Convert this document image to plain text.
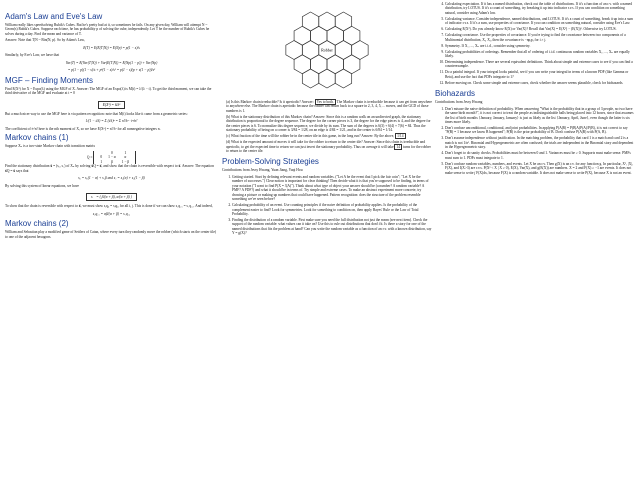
Adam's Law and Eve's Law

William really likes speedsolving Rubik's Cubes. But he's pretty bad at it, so sometimes he fails. On any given day, William will attempt N ~ Geom(s) Rubik's Cubes. Suppose each time, he has probability p of solving the cube, independently. Let T be the number of Rubik's Cubes he solves during a day. Find the mean and variance of T.

Answer: Note that T|N ~ Bin(N, p). So by Adam's Law,

E(T) = E(E(T|N)) = E(Np) = p(1 − s)/s

Similarly, by Eve's Law, we have that

Var(T) = E(Var(T|N)) + Var(E(T|N)) = E(Np(1 − p)) + Var(Np)
= p(1 − p)(1 − s)/s + p²(1 − s)/s² = p(1 − s)(p + s(1 − p))/s²
MGF – Finding Moments

Find E(X³) for X ~ Expo(λ) using the MGF of X. Answer: The MGF of an Expo(λ) is M(t) = λ/(λ − t). To get the third moment, we can take the third derivative of the MGF and evaluate at t = 0

E(X³) = 6/λ³

But a much nicer way to use the MGF here is via pattern recognition: note that M(t) looks like it came from a geometric series:

1/(1 − t/λ) = Σ (t/λ)ⁿ = Σ n!/λⁿ · tⁿ/n!

The coefficient of tⁿ/n! here is the nth moment of X, so we have E(Xⁿ) = n!/λⁿ for all nonnegative integers n.

Markov chains (1)

Suppose Xₙ is a two-state Markov chain with transition matrix

Q =	0	1
0	1 − α	α
1	β	1 − β

Find the stationary distribution s⃗ = (s₀, s₁) of Xₙ by solving s⃗Q = s⃗, and show that the chain is reversible with respect to s⃗. Answer: The equation s⃗Q = s⃗ says that

s₀ = s₀(1 − α) + s₁β and s₁ = s₀(α) + s₀(1 − β)

By solving this system of linear equations, we have

s⃗ = ( β/(α + β), α/(α + β) )

To show that the chain is reversible with respect to s⃗, we must show sᵢqᵢⱼ = sⱼqⱼᵢ for all i, j. This is done if we can show s₀q₀₁ = s₁q₁₀. And indeed,

s₀q₀₁ = αβ/(α + β) = s₁q₁₀
Markov chains (2)

William and Sebastian play a modified game of Settlers of Catan, where every turn they randomly move the robber (which starts on the center tile) to one of the adjacent hexagons.

Robber
(a) Is this Markov chain irreducible? Is it aperiodic? Answer: Yes to both. The Markov chain is irreducible because it can get from anywhere to anywhere else. The Markov chain is aperiodic because the robber can return back to a square in 2, 3, 4, 5, ... moves, and the GCD of those numbers is 1.
(b) What is the stationary distribution of this Markov chain? Answer: Since this is a random walk on an undirected graph, the stationary distribution is proportional to the degree sequence. The degree for the corner pieces is 3, the degree for the edge pieces is 4, and the degree for the center pieces is 6. To normalize this degree sequence, we divide by its sum. The sum of the degrees is 6(3) + 6(4) + 7(6) = 84. Thus the stationary probability of being on a corner is 3/84 = 1/28, on an edge is 4/84 = 1/21, and in the center is 6/84 = 1/14.
(c) What fraction of the time will the robber be in the center tile in this game, in the long run? Answer: By the above, 1/14
(d) What is the expected amount of moves it will take for the robber to return to the center tile? Answer: Since this chain is irreducible and aperiodic, to get the expected time to return we can just invert the stationary probability. Thus on average it will take 14 turns for the robber to return to the center tile.
Problem-Solving Strategies

Contributions from Jessy Hwang, Yuan Jiang, Yuqi Hou

1. Getting started. Start by defining relevant events and random variables. ("Let A be the event that I pick the fair coin"; "Let X be the number of successes.") Clear notion is important for clear thinking! Then decide what it is that you're supposed to be finding, in terms of your notation ("I want to find P(X = 3|A)"). Think about what type of object your answer should be (a number? A random variable? A PMF? A PDF?) and what it should be in terms of. Try simple and extreme cases. To make an abstract experiment more concrete, try drawing a picture or making up numbers that could have happened. Pattern recognition: does the structure of the problem resemble something we've seen before?
2. Calculating probability of an event. Use counting principles if the naive definition of probability applies. Is the probability of the complement easier to find? Look for symmetries. Look for something to condition on, then apply Bayes' Rule or the Law of Total Probability.
3. Finding the distribution of a random variable. First make sure you need the full distribution not just the mean (see next item). Check the support of the random variable: what values can it take on? Use this to rule out distributions that don't fit. Is there a story for one of the named distributions that fits the problem at hand? Can you write the random variable as a function of an r.v. with a known distribution, say Y = g(X)?
4. Calculating expectation. If it has a named distribution, check out the table of distributions. If it's a function of an r.v. with a named distribution, try LOTUS. If it's a count of something, try breaking it up into indicator r.v.s. If you can condition on something natural, consider using Adam's law.
5. Calculating variance. Consider independence, named distributions, and LOTUS. If it's a count of something, break it up into a sum of indicator r.v.s. If it's a sum, use properties of covariance. If you can condition on something natural, consider using Eve's Law.
6. Calculating E(X²). Do you already know E(X) or Var(X)? Recall that Var(X) = E(X²) − (E(X))². Otherwise try LOTUS.
7. Calculating covariance. Use the properties of covariance. If you're trying to find the covariance between two components of a Multinomial distribution, Xᵢ, Xⱼ, then the covariance is −npᵢpⱼ for i ≠ j.
8. Symmetry. If X₁, ..., Xₙ are i.i.d., consider using symmetry.
9. Calculating probabilities of orderings. Remember that all n! ordering of i.i.d. continuous random variables X₁, ..., Xₙ are equally likely.
10. Determining independence. There are several equivalent definitions. Think about simple and extreme cases to see if you can find a counterexample.
11. Do a painful integral. If your integral looks painful, see if you can write your integral in terms of a known PDF (like Gamma or Beta), and use the fact that PDFs integrate to 1?
12. Before moving on. Check some simple and extreme cases, check whether the answer seems plausible, check for biohazards.
Biohazards

Contributions from Jessy Hwang

1. Don't misuse the naive definition of probability. When answering "What is the probability that in a group of 3 people, no two have the same birth month?", it is not correct to treat the people as indistinguishable balls being placed into 12 boxes, since that assumes the list of birth months {January, January, January} is just as likely as the list {January, April, June}, even though the latter is six times more likely.
2. Don't confuse unconditional, conditional, and joint probabilities. In applying P(A|B) = P(B|A)P(A)/P(B), it is not correct to say "P(B) = 1 because we know B happened"; P(B) is the prior probability of B. Don't confuse P(A|B) with P(A, B).
3. Don't assume independence without justification. In the matching problem, the probability that card 1 is a match and card 2 is a match is not 1/n². Binomial and Hypergeometric are often confused; the trials are independent in the Binomial story and dependent in the Hypergeometric story.
4. Don't forget to do sanity checks. Probabilities must be between 0 and 1. Variances must be ≥ 0. Supports must make sense. PMFs must sum to 1. PDFs must integrate to 1.
5. Don't confuse random variables, numbers, and events. Let X be an r.v. Then g(X) is an r.v. for any function g. In particular, X², |X|, F(X), and I(X>3) are r.v.s. P(X² < X | X ≥ 0), E(X), Var(X), and g(E(X)) are numbers. X = 2 and F(X) ≥ −1 are events. It does not make sense to write ∫ F(X)dx, because F(X) is a random variable. It does not make sense to write P(X), because X is not an event.
